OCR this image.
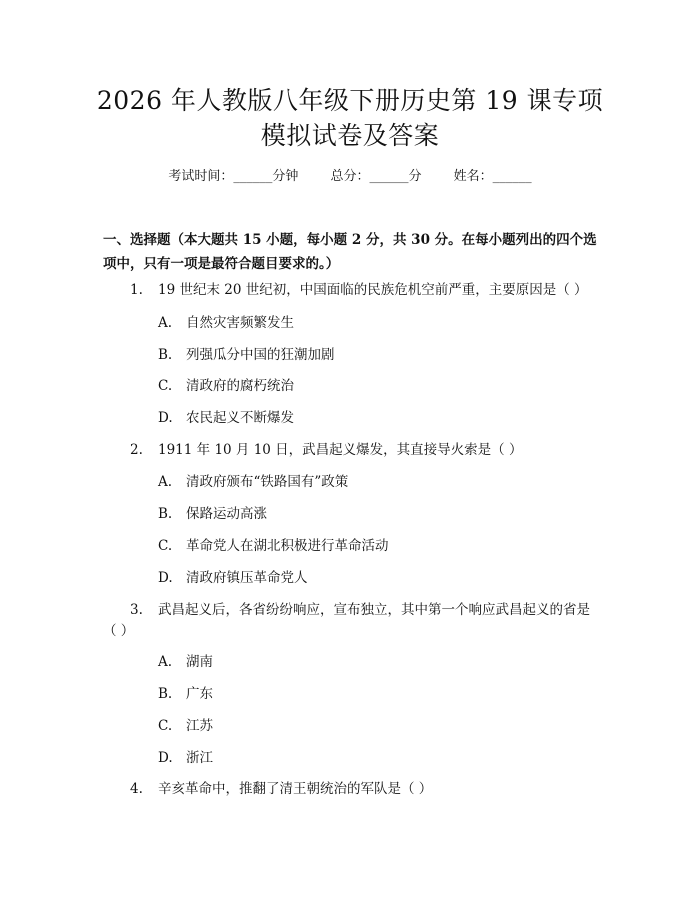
2026 年人教版八年级下册历史第 19 课专项
模拟试卷及答案
考试时间：______分钟 总分：______分 姓名：______
一、选择题（本大题共 15 小题，每小题 2 分，共 30 分。在每小题列出的四个选项中，只有一项是最符合题目要求的。）
1. 19 世纪末 20 世纪初，中国面临的民族危机空前严重，主要原因是（ ）
A. 自然灾害频繁发生
B. 列强瓜分中国的狂潮加剧
C. 清政府的腐朽统治
D. 农民起义不断爆发
2. 1911 年 10 月 10 日，武昌起义爆发，其直接导火索是（ ）
A. 清政府颁布“铁路国有”政策
B. 保路运动高涨
C. 革命党人在湖北积极进行革命活动
D. 清政府镇压革命党人
3. 武昌起义后，各省纷纷响应，宣布独立，其中第一个响应武昌起义的省是
（ ）
A. 湖南
B. 广东
C. 江苏
D. 浙江
4. 辛亥革命中，推翻了清王朝统治的军队是（ ）
